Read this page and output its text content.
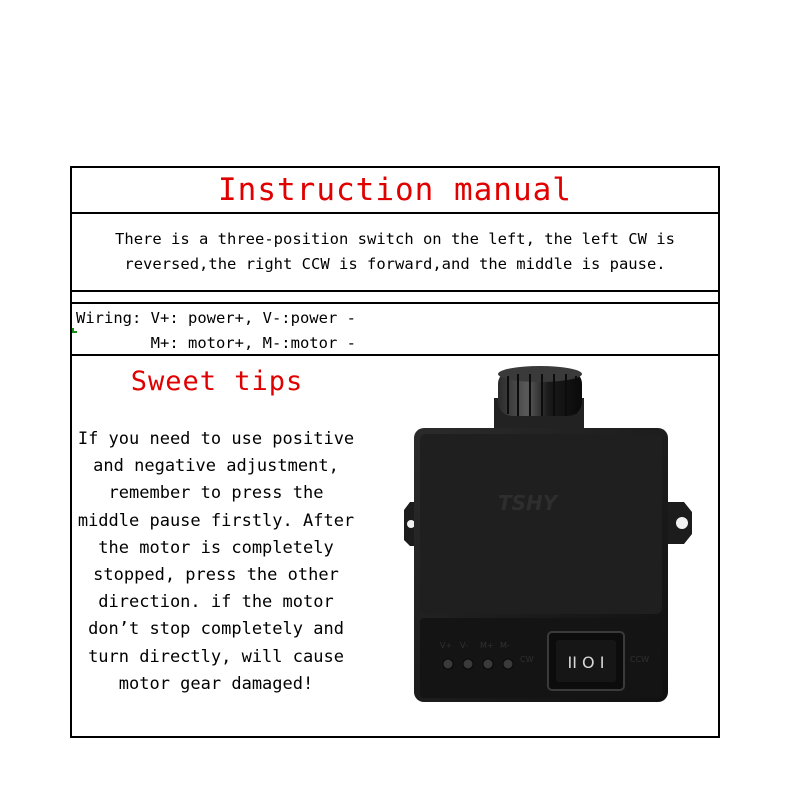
Instruction manual
There is a three-position switch on the left, the left CW is reversed,the right CCW is forward,and the middle is pause.
Wiring: V+: power+, V-:power -
M+: motor+, M-:motor -
Sweet tips
If you need to use positive and negative adjustment, remember to press the middle pause firstly. After the motor is completely stopped, press the other direction. if the motor don’t stop completely and turn directly, will cause motor gear damaged!
TSHY
V+ V- M+ M-
CW	CCW
II O I
